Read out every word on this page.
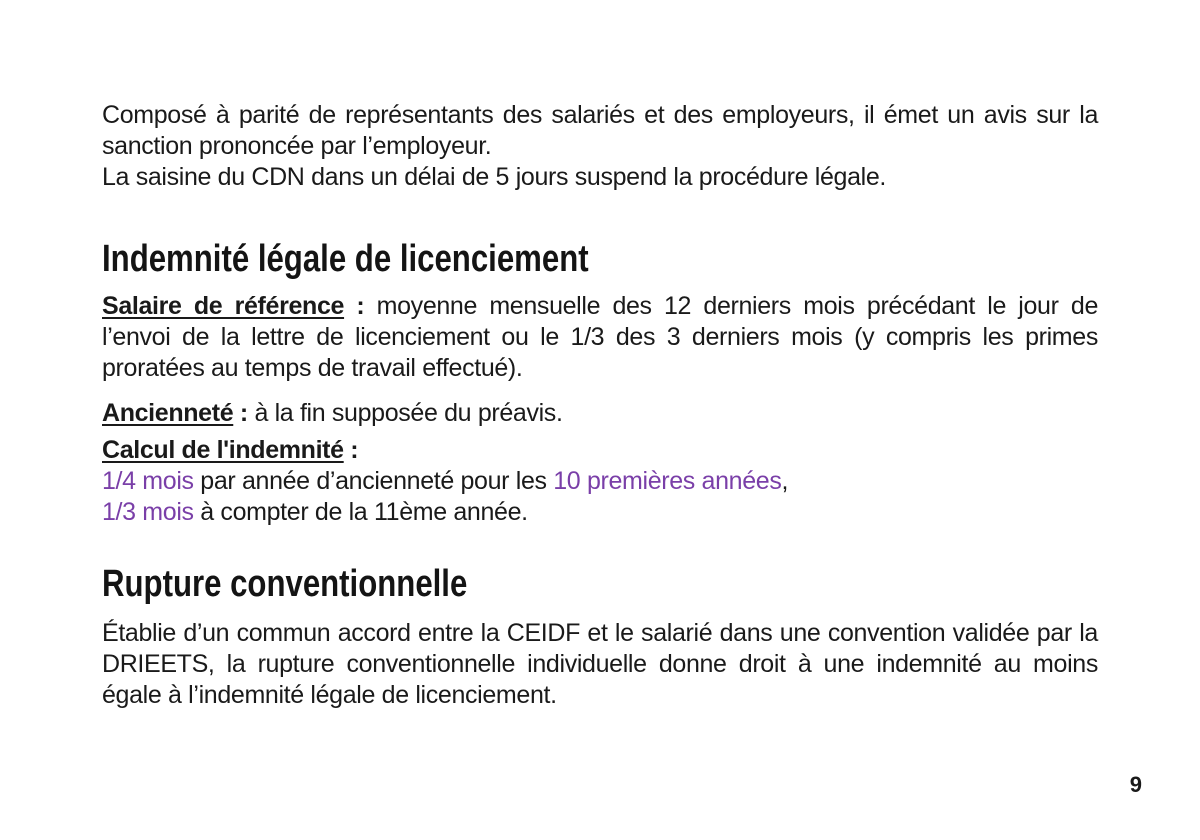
Composé à parité de représentants des salariés et des employeurs, il émet un avis sur la sanction prononcée par l’employeur.
La saisine du CDN dans un délai de 5 jours suspend la procédure légale.

Indemnité légale de licenciement

Salaire de référence : moyenne mensuelle des 12 derniers mois précédant le jour de l’envoi de la lettre de licenciement ou le 1/3 des 3 derniers mois (y compris les primes proratées au temps de travail effectué).

Ancienneté : à la fin supposée du préavis.

Calcul de l'indemnité :
1/4 mois par année d’ancienneté pour les 10 premières années,
1/3 mois à compter de la 11ème année.

Rupture conventionnelle

Établie d’un commun accord entre la CEIDF et le salarié dans une convention validée par la DRIEETS, la rupture conventionnelle individuelle donne droit à une indemnité au moins égale à l’indemnité légale de licenciement.

9
